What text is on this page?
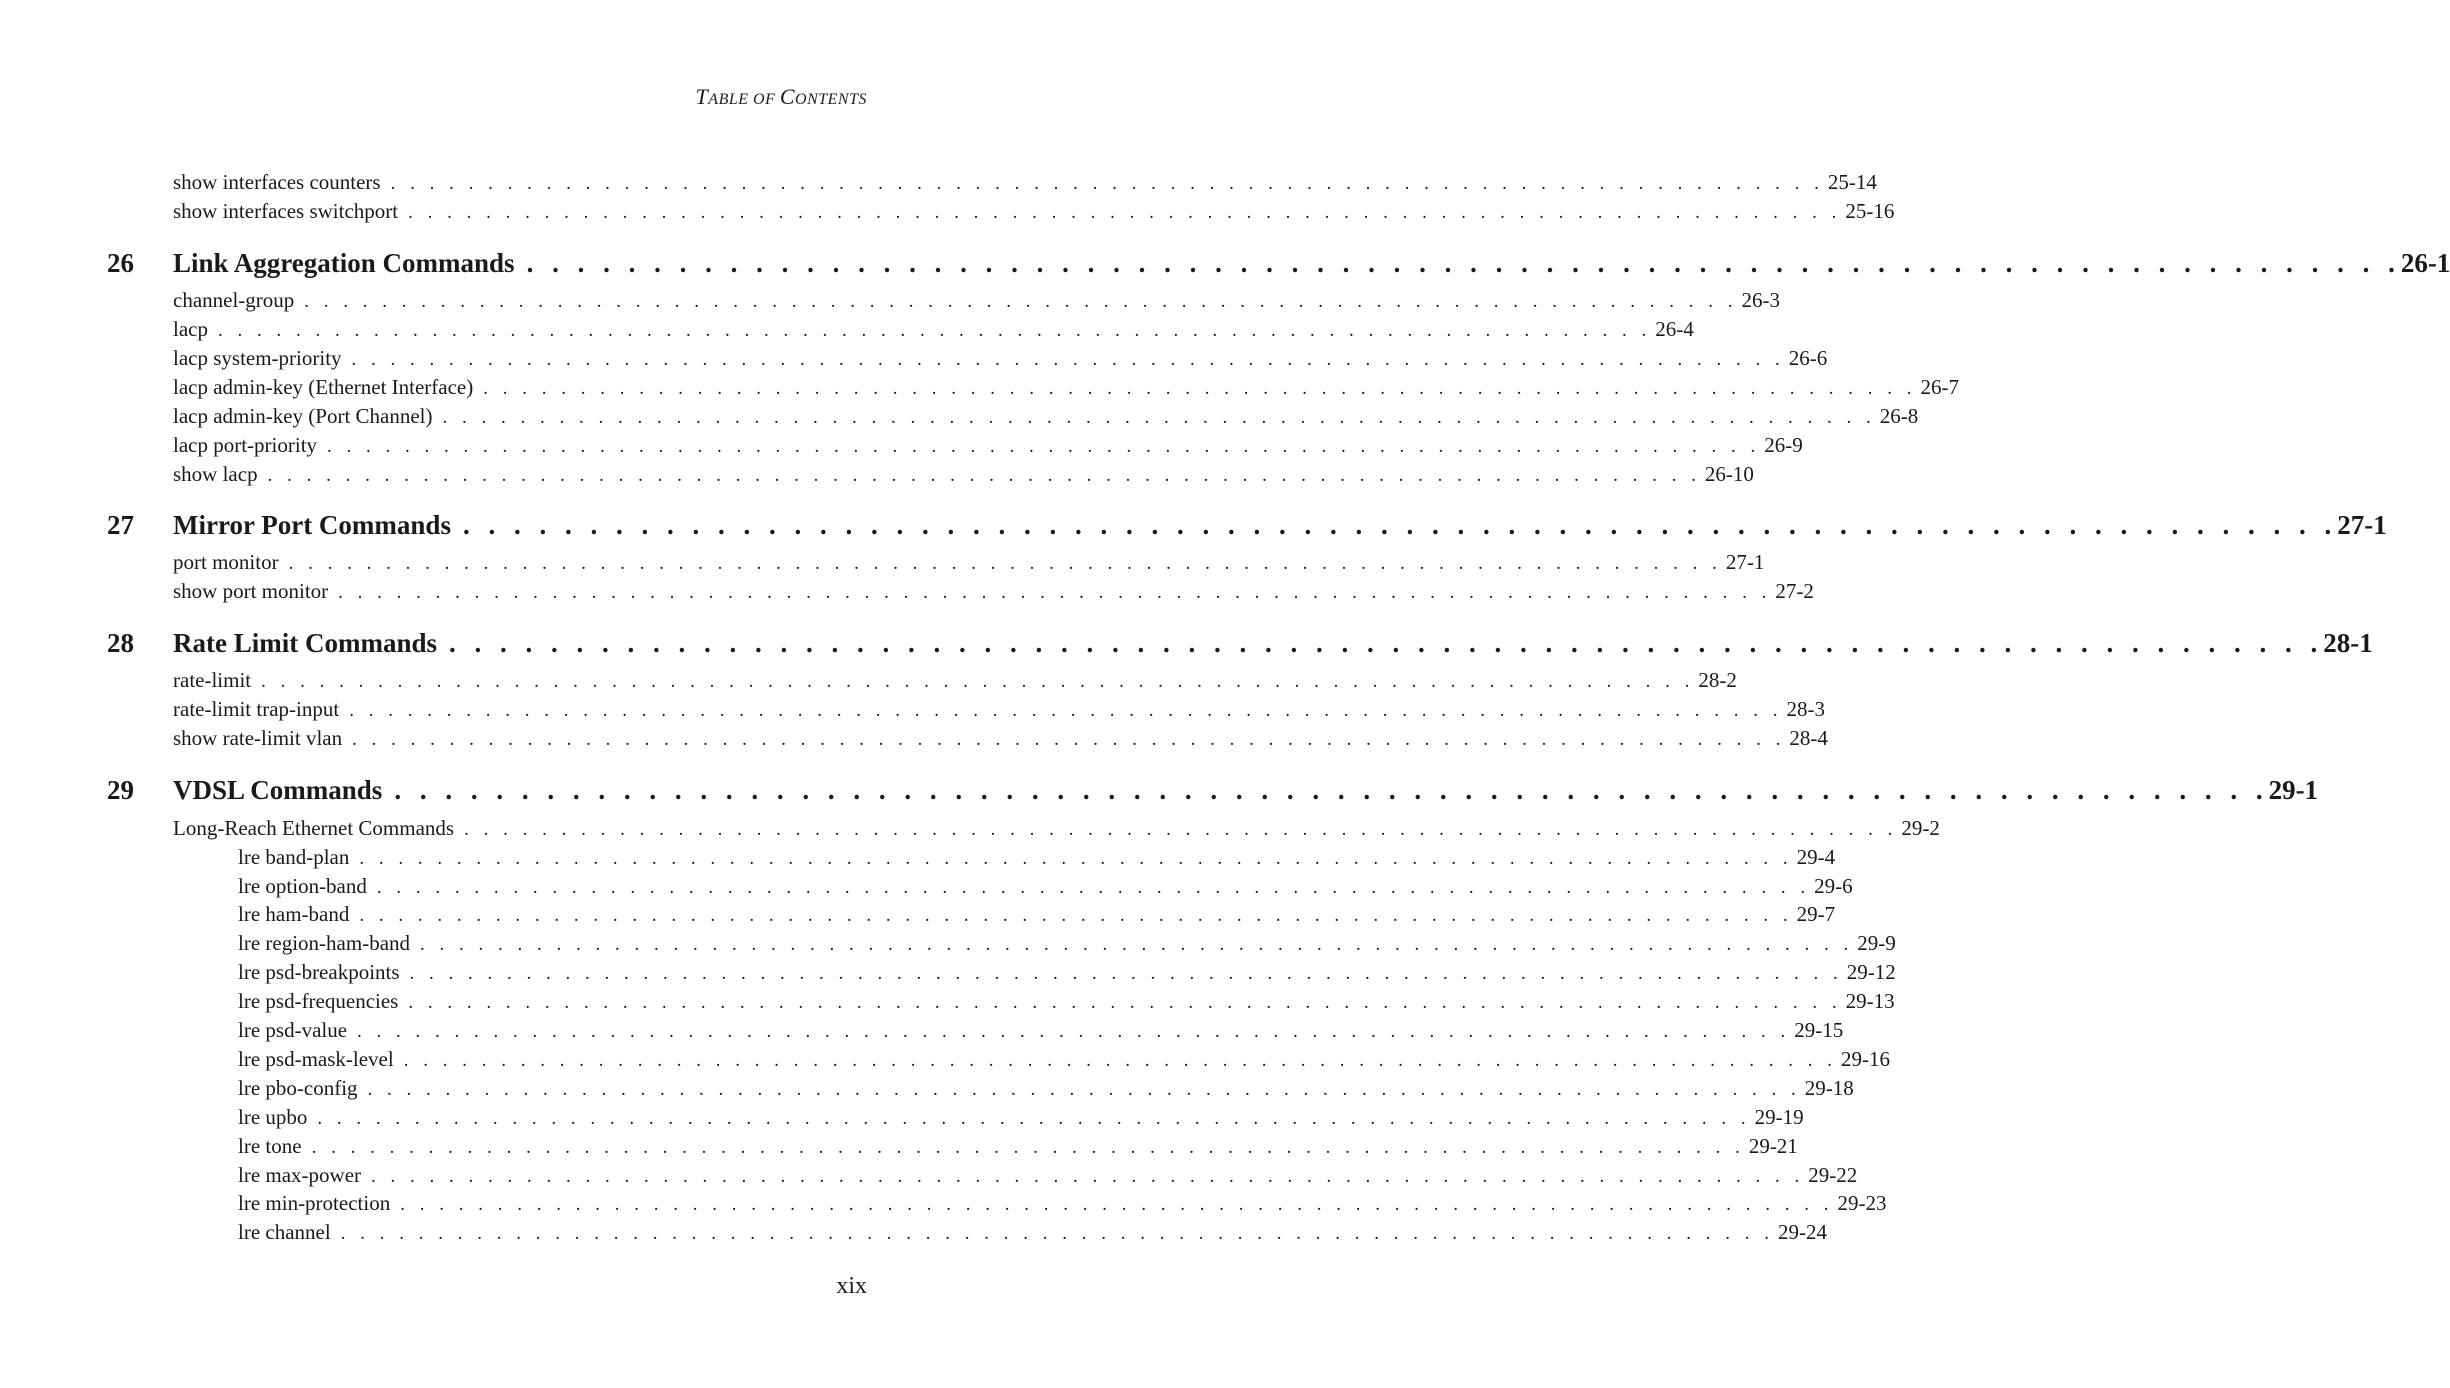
TABLE OF CONTENTS
show interfaces counters . . . . . . . . . . . . . . . . . . . . . . . . . . . . . . . . . . . . . . . . . . . . . . . . . . . . . . . . . . . . . . . . . . . . . . . . . . 25-14
show interfaces switchport . . . . . . . . . . . . . . . . . . . . . . . . . . . . . . . . . . . . . . . . . . . . . . . . . . . . . . . . . . . . . . . . . . . . . . . . . . 25-16
26	Link Aggregation Commands . . . . . . . . . . . . . . . . . . . . . . . . . . . . . . . . . . . . . . . . . . . . . . . . . . . . . . . . . . . . . . . . . . . . . . . . . . 26-1
channel-group . . . . . . . . . . . . . . . . . . . . . . . . . . . . . . . . . . . . . . . . . . . . . . . . . . . . . . . . . . . . . . . . . . . . . . . . . . 26-3
lacp . . . . . . . . . . . . . . . . . . . . . . . . . . . . . . . . . . . . . . . . . . . . . . . . . . . . . . . . . . . . . . . . . . . . . . . . . . 26-4
lacp system-priority . . . . . . . . . . . . . . . . . . . . . . . . . . . . . . . . . . . . . . . . . . . . . . . . . . . . . . . . . . . . . . . . . . . . . . . . . . 26-6
lacp admin-key (Ethernet Interface) . . . . . . . . . . . . . . . . . . . . . . . . . . . . . . . . . . . . . . . . . . . . . . . . . . . . . . . . . . . . . . . . . . . . . . . . . . 26-7
lacp admin-key (Port Channel) . . . . . . . . . . . . . . . . . . . . . . . . . . . . . . . . . . . . . . . . . . . . . . . . . . . . . . . . . . . . . . . . . . . . . . . . . . 26-8
lacp port-priority . . . . . . . . . . . . . . . . . . . . . . . . . . . . . . . . . . . . . . . . . . . . . . . . . . . . . . . . . . . . . . . . . . . . . . . . . . 26-9
show lacp . . . . . . . . . . . . . . . . . . . . . . . . . . . . . . . . . . . . . . . . . . . . . . . . . . . . . . . . . . . . . . . . . . . . . . . . . . 26-10
27	Mirror Port Commands . . . . . . . . . . . . . . . . . . . . . . . . . . . . . . . . . . . . . . . . . . . . . . . . . . . . . . . . . . . . . . . . . . . . . . . . . . 27-1
port monitor . . . . . . . . . . . . . . . . . . . . . . . . . . . . . . . . . . . . . . . . . . . . . . . . . . . . . . . . . . . . . . . . . . . . . . . . . . 27-1
show port monitor . . . . . . . . . . . . . . . . . . . . . . . . . . . . . . . . . . . . . . . . . . . . . . . . . . . . . . . . . . . . . . . . . . . . . . . . . . 27-2
28	Rate Limit Commands . . . . . . . . . . . . . . . . . . . . . . . . . . . . . . . . . . . . . . . . . . . . . . . . . . . . . . . . . . . . . . . . . . . . . . . . . . 28-1
rate-limit . . . . . . . . . . . . . . . . . . . . . . . . . . . . . . . . . . . . . . . . . . . . . . . . . . . . . . . . . . . . . . . . . . . . . . . . . . 28-2
rate-limit trap-input . . . . . . . . . . . . . . . . . . . . . . . . . . . . . . . . . . . . . . . . . . . . . . . . . . . . . . . . . . . . . . . . . . . . . . . . . . 28-3
show rate-limit vlan . . . . . . . . . . . . . . . . . . . . . . . . . . . . . . . . . . . . . . . . . . . . . . . . . . . . . . . . . . . . . . . . . . . . . . . . . . 28-4
29	VDSL Commands . . . . . . . . . . . . . . . . . . . . . . . . . . . . . . . . . . . . . . . . . . . . . . . . . . . . . . . . . . . . . . . . . . . . . . . . . . 29-1
Long-Reach Ethernet Commands . . . . . . . . . . . . . . . . . . . . . . . . . . . . . . . . . . . . . . . . . . . . . . . . . . . . . . . . . . . . . . . . . . . . . . . . . . 29-2
lre band-plan . . . . . . . . . . . . . . . . . . . . . . . . . . . . . . . . . . . . . . . . . . . . . . . . . . . . . . . . . . . . . . . . . . . . . . . . . . 29-4
lre option-band . . . . . . . . . . . . . . . . . . . . . . . . . . . . . . . . . . . . . . . . . . . . . . . . . . . . . . . . . . . . . . . . . . . . . . . . . . 29-6
lre ham-band . . . . . . . . . . . . . . . . . . . . . . . . . . . . . . . . . . . . . . . . . . . . . . . . . . . . . . . . . . . . . . . . . . . . . . . . . . 29-7
lre region-ham-band . . . . . . . . . . . . . . . . . . . . . . . . . . . . . . . . . . . . . . . . . . . . . . . . . . . . . . . . . . . . . . . . . . . . . . . . . . 29-9
lre psd-breakpoints . . . . . . . . . . . . . . . . . . . . . . . . . . . . . . . . . . . . . . . . . . . . . . . . . . . . . . . . . . . . . . . . . . . . . . . . . . 29-12
lre psd-frequencies . . . . . . . . . . . . . . . . . . . . . . . . . . . . . . . . . . . . . . . . . . . . . . . . . . . . . . . . . . . . . . . . . . . . . . . . . . 29-13
lre psd-value . . . . . . . . . . . . . . . . . . . . . . . . . . . . . . . . . . . . . . . . . . . . . . . . . . . . . . . . . . . . . . . . . . . . . . . . . . 29-15
lre psd-mask-level . . . . . . . . . . . . . . . . . . . . . . . . . . . . . . . . . . . . . . . . . . . . . . . . . . . . . . . . . . . . . . . . . . . . . . . . . . 29-16
lre pbo-config . . . . . . . . . . . . . . . . . . . . . . . . . . . . . . . . . . . . . . . . . . . . . . . . . . . . . . . . . . . . . . . . . . . . . . . . . . 29-18
lre upbo . . . . . . . . . . . . . . . . . . . . . . . . . . . . . . . . . . . . . . . . . . . . . . . . . . . . . . . . . . . . . . . . . . . . . . . . . . 29-19
lre tone . . . . . . . . . . . . . . . . . . . . . . . . . . . . . . . . . . . . . . . . . . . . . . . . . . . . . . . . . . . . . . . . . . . . . . . . . . 29-21
lre max-power . . . . . . . . . . . . . . . . . . . . . . . . . . . . . . . . . . . . . . . . . . . . . . . . . . . . . . . . . . . . . . . . . . . . . . . . . . 29-22
lre min-protection . . . . . . . . . . . . . . . . . . . . . . . . . . . . . . . . . . . . . . . . . . . . . . . . . . . . . . . . . . . . . . . . . . . . . . . . . . 29-23
lre channel . . . . . . . . . . . . . . . . . . . . . . . . . . . . . . . . . . . . . . . . . . . . . . . . . . . . . . . . . . . . . . . . . . . . . . . . . . 29-24
xix
